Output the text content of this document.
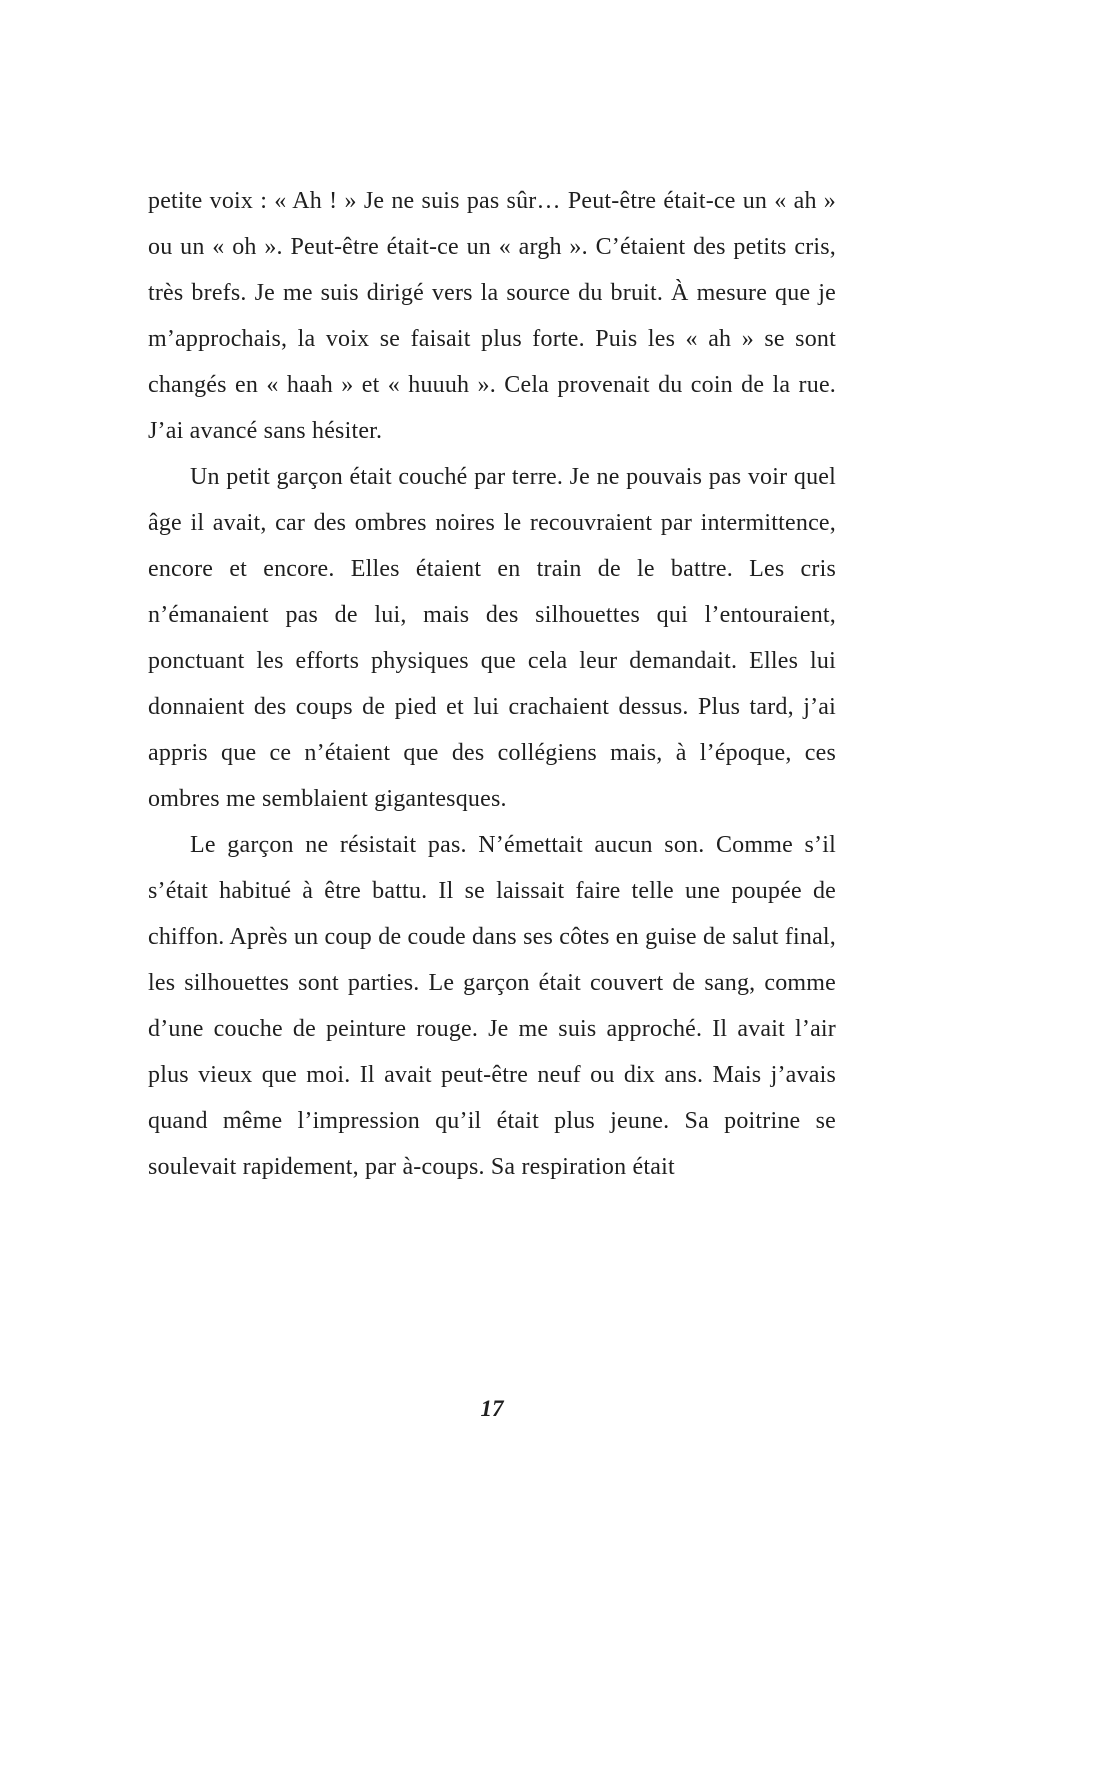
petite voix : « Ah ! » Je ne suis pas sûr… Peut-être était-ce un « ah » ou un « oh ». Peut-être était-ce un « argh ». C’étaient des petits cris, très brefs. Je me suis dirigé vers la source du bruit. À mesure que je m’approchais, la voix se faisait plus forte. Puis les « ah » se sont changés en « haah » et « huuuh ». Cela provenait du coin de la rue. J’ai avancé sans hésiter.

Un petit garçon était couché par terre. Je ne pouvais pas voir quel âge il avait, car des ombres noires le recouvraient par intermittence, encore et encore. Elles étaient en train de le battre. Les cris n’émanaient pas de lui, mais des silhouettes qui l’entouraient, ponctuant les efforts physiques que cela leur demandait. Elles lui donnaient des coups de pied et lui crachaient dessus. Plus tard, j’ai appris que ce n’étaient que des collégiens mais, à l’époque, ces ombres me semblaient gigantesques.

Le garçon ne résistait pas. N’émettait aucun son. Comme s’il s’était habitué à être battu. Il se laissait faire telle une poupée de chiffon. Après un coup de coude dans ses côtes en guise de salut final, les silhouettes sont parties. Le garçon était couvert de sang, comme d’une couche de peinture rouge. Je me suis approché. Il avait l’air plus vieux que moi. Il avait peut-être neuf ou dix ans. Mais j’avais quand même l’impression qu’il était plus jeune. Sa poitrine se soulevait rapidement, par à-coups. Sa respiration était

17
